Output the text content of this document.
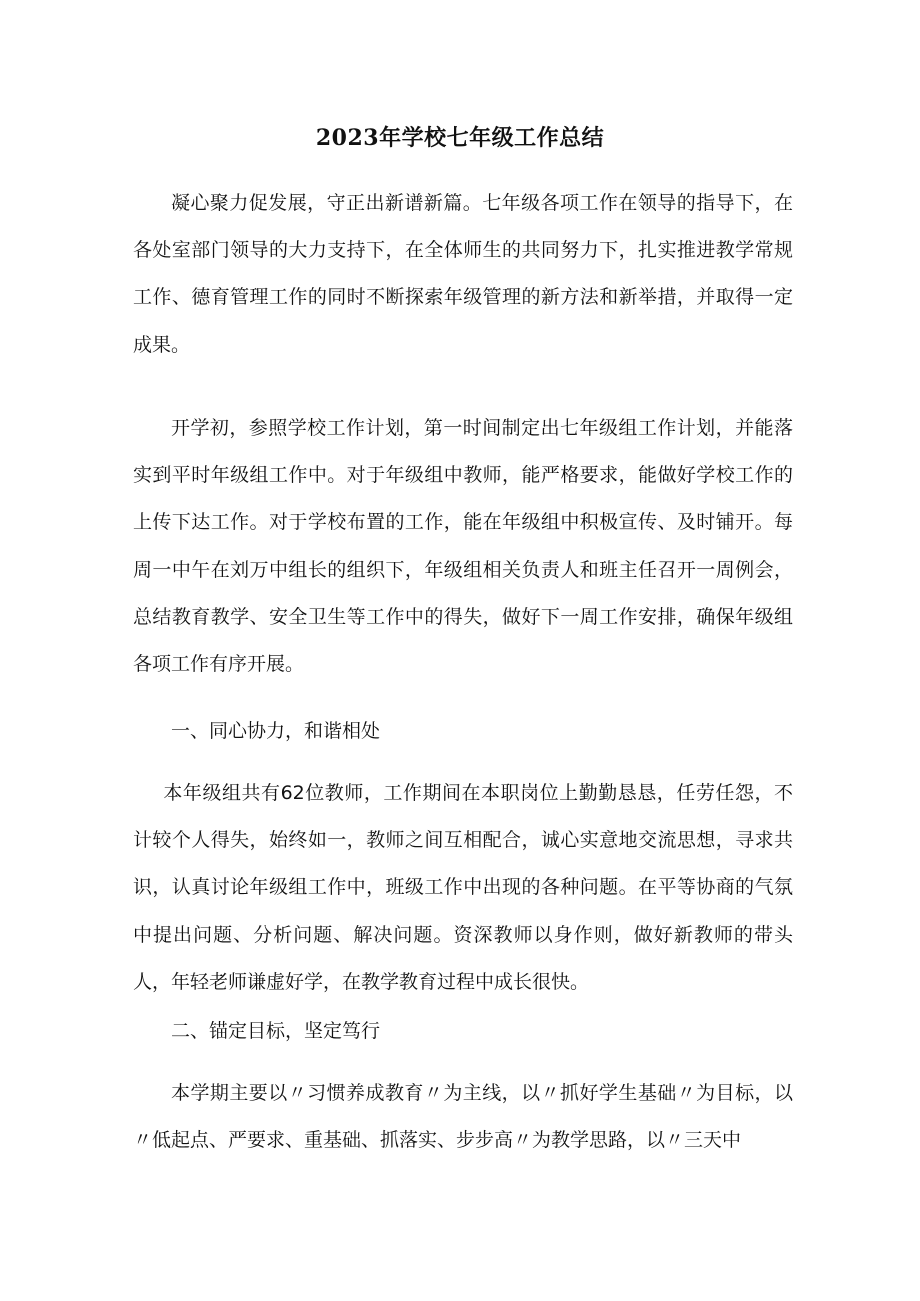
2023年学校七年级工作总结

凝心聚力促发展，守正出新谱新篇。七年级各项工作在领导的指导下，在各处室部门领导的大力支持下，在全体师生的共同努力下，扎实推进教学常规工作、德育管理工作的同时不断探索年级管理的新方法和新举措，并取得一定成果。

开学初，参照学校工作计划，第一时间制定出七年级组工作计划，并能落实到平时年级组工作中。对于年级组中教师，能严格要求，能做好学校工作的上传下达工作。对于学校布置的工作，能在年级组中积极宣传、及时铺开。每周一中午在刘万中组长的组织下，年级组相关负责人和班主任召开一周例会，总结教育教学、安全卫生等工作中的得失，做好下一周工作安排，确保年级组各项工作有序开展。

一、同心协力，和谐相处

本年级组共有62位教师，工作期间在本职岗位上勤勤恳恳，任劳任怨，不计较个人得失，始终如一，教师之间互相配合，诚心实意地交流思想，寻求共识，认真讨论年级组工作中，班级工作中出现的各种问题。在平等协商的气氛中提出问题、分析问题、解决问题。资深教师以身作则，做好新教师的带头人，年轻老师谦虚好学，在教学教育过程中成长很快。

二、锚定目标，坚定笃行

本学期主要以〃习惯养成教育〃为主线，以〃抓好学生基础〃为目标，以〃低起点、严要求、重基础、抓落实、步步高〃为教学思路，以〃三天中
